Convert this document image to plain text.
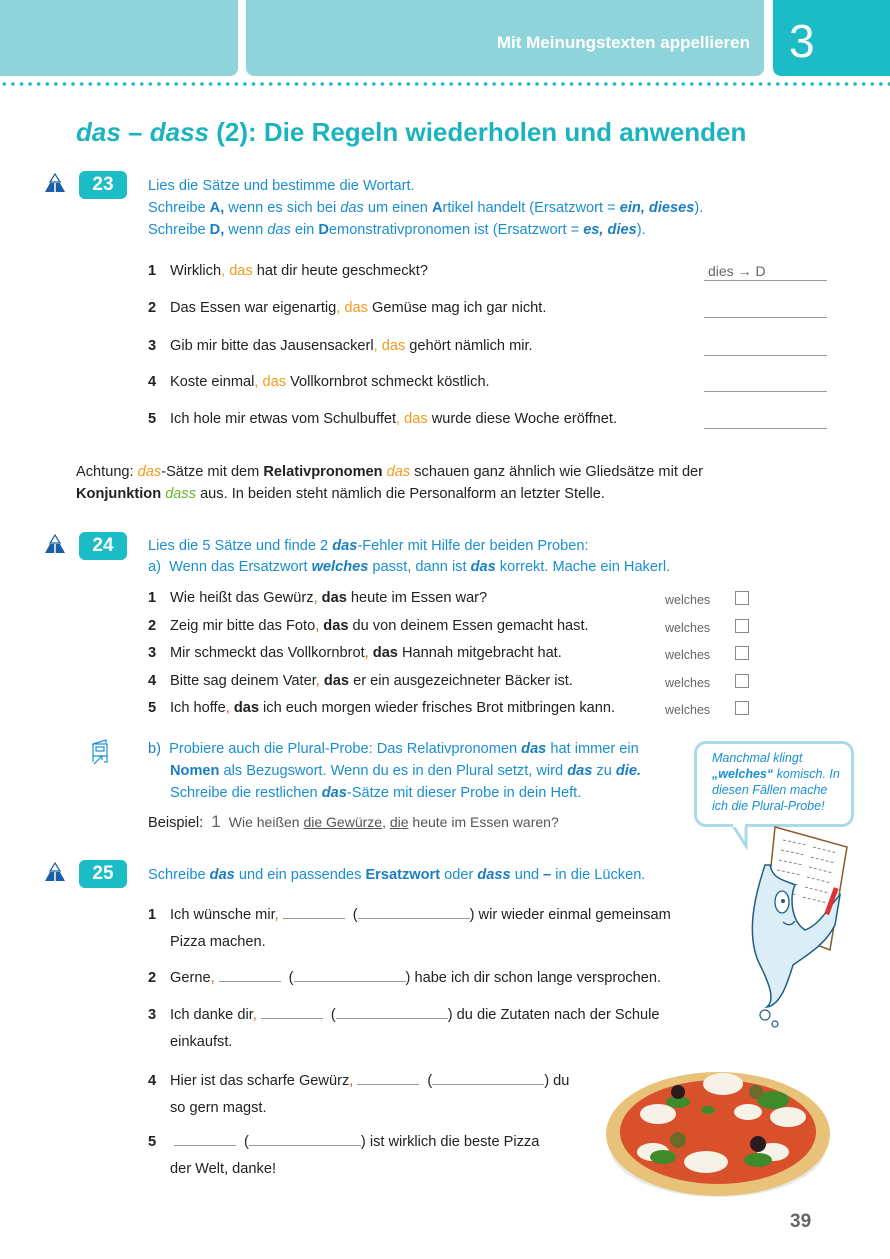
Mit Meinungstexten appellieren 3
das – dass (2): Die Regeln wiederholen und anwenden
23	Lies die Sätze und bestimme die Wortart.
Schreibe A, wenn es sich bei das um einen Artikel handelt (Ersatzwort = ein, dieses).
Schreibe D, wenn das ein Demonstrativpronomen ist (Ersatzwort = es, dies).
1 Wirklich, das hat dir heute geschmeckt?	dies → D
2 Das Essen war eigenartig, das Gemüse mag ich gar nicht.
3 Gib mir bitte das Jausensackerl, das gehört nämlich mir.
4 Koste einmal, das Vollkornbrot schmeckt köstlich.
5 Ich hole mir etwas vom Schulbuffet, das wurde diese Woche eröffnet.
Achtung: das-Sätze mit dem Relativpronomen das schauen ganz ähnlich wie Gliedsätze mit der
Konjunktion dass aus. In beiden steht nämlich die Personalform an letzter Stelle.
24	Lies die 5 Sätze und finde 2 das-Fehler mit Hilfe der beiden Proben:
a) Wenn das Ersatzwort welches passt, dann ist das korrekt. Mache ein Hakerl.
1 Wie heißt das Gewürz, das heute im Essen war?	welches
2 Zeig mir bitte das Foto, das du von deinem Essen gemacht hast.	welches
3 Mir schmeckt das Vollkornbrot, das Hannah mitgebracht hat.	welches
4 Bitte sag deinem Vater, das er ein ausgezeichneter Bäcker ist.	welches
5 Ich hoffe, das ich euch morgen wieder frisches Brot mitbringen kann.	welches
b) Probiere auch die Plural-Probe: Das Relativpronomen das hat immer ein
Nomen als Bezugswort. Wenn du es in den Plural setzt, wird das zu die.
Schreibe die restlichen das-Sätze mit dieser Probe in dein Heft.
Beispiel: 1 Wie heißen die Gewürze, die heute im Essen waren?
Manchmal klingt
„welches“ komisch. In
diesen Fällen mache
ich die Plural-Probe!
25	Schreibe das und ein passendes Ersatzwort oder dass und – in die Lücken.
1 Ich wünsche mir,	(	) wir wieder einmal gemeinsam
Pizza machen.
2 Gerne,	(	) habe ich dir schon lange versprochen.
3 Ich danke dir,	(	) du die Zutaten nach der Schule
einkaufst.
4 Hier ist das scharfe Gewürz,	(	) du
so gern magst.
5	(	) ist wirklich die beste Pizza
der Welt, danke!
39
